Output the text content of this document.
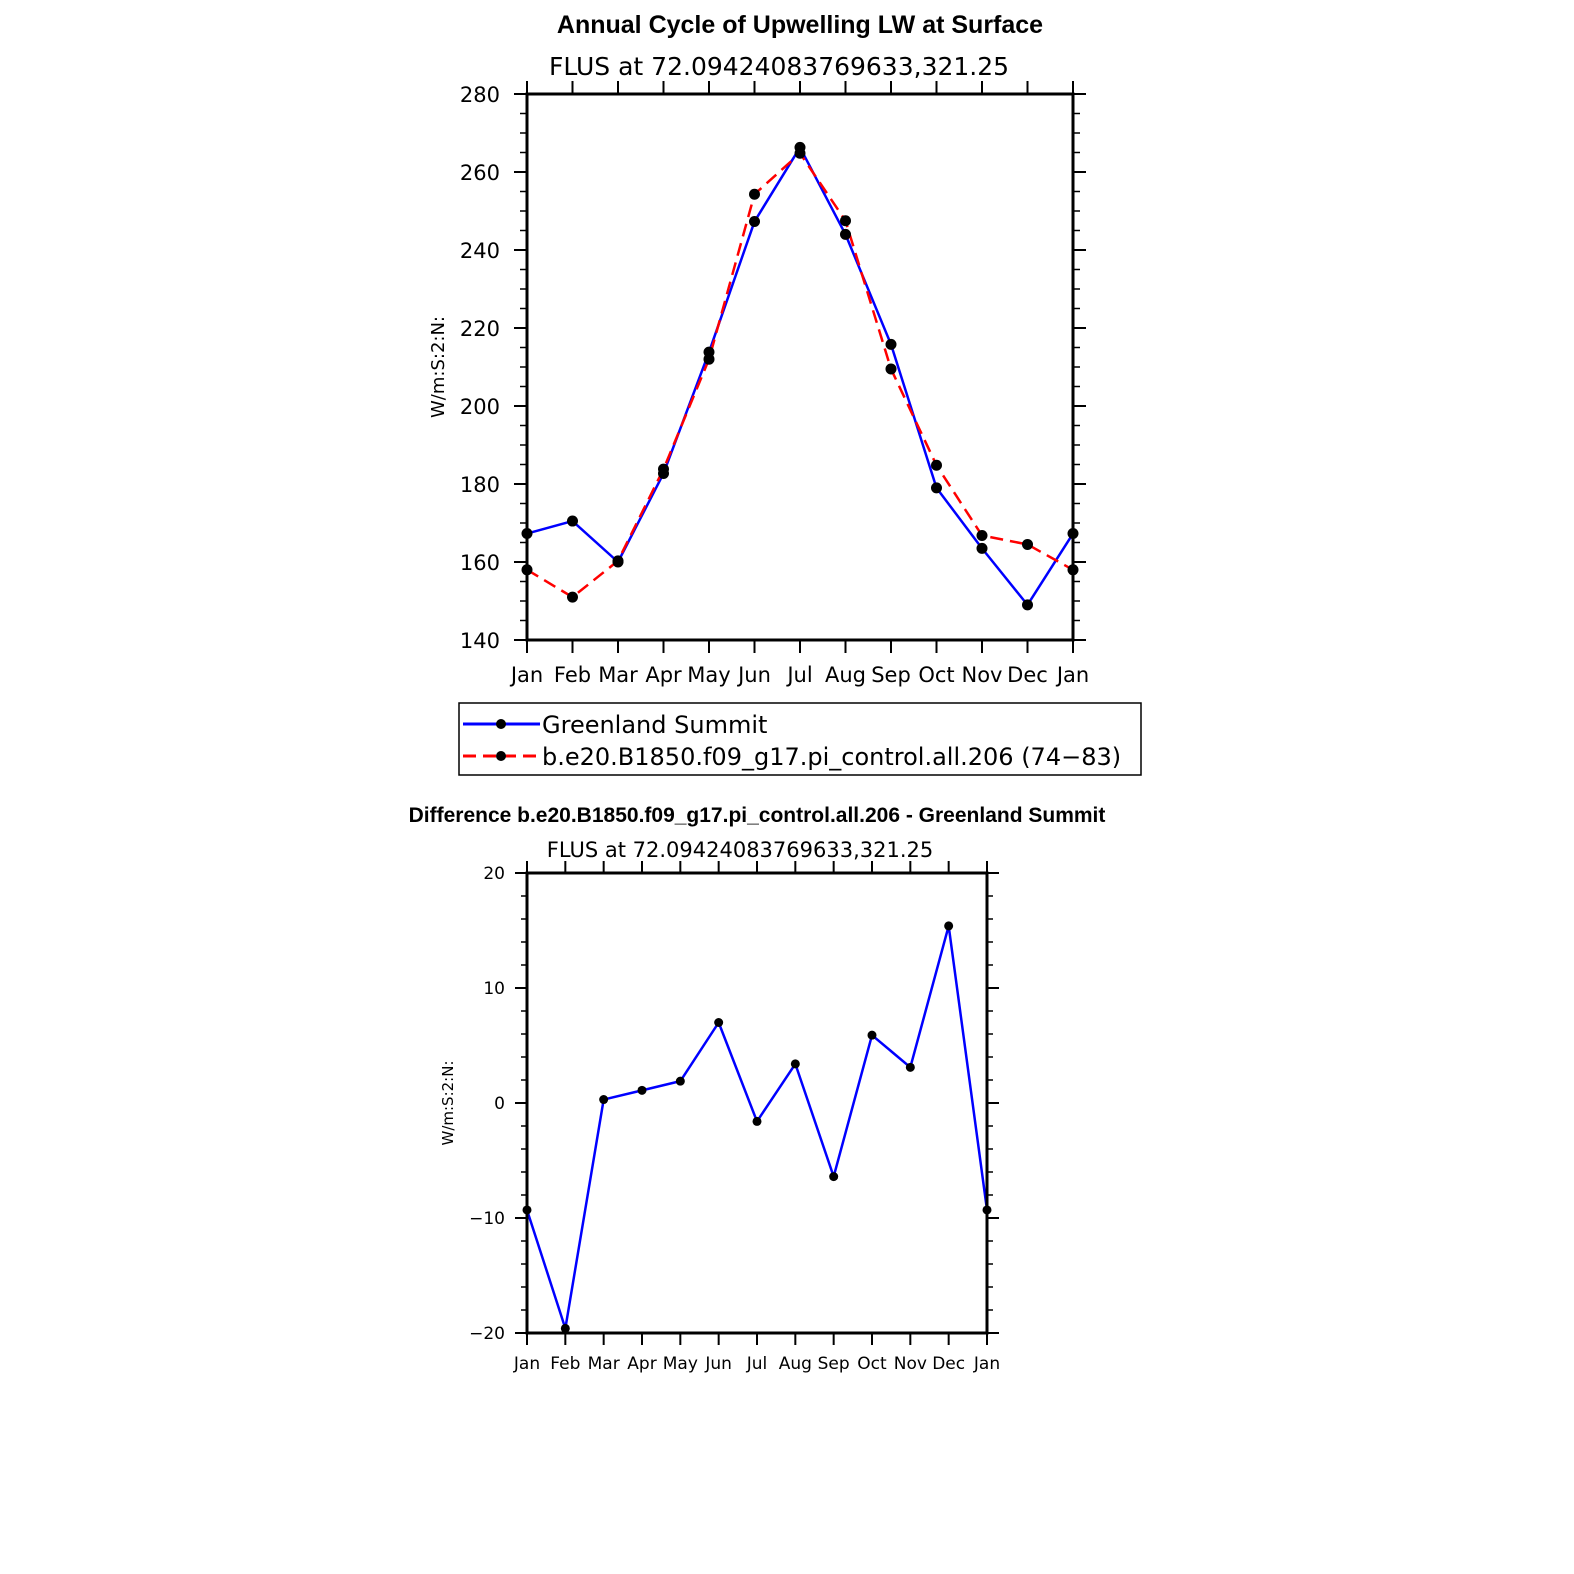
Annual Cycle of Upwelling LW at Surface
FLUS at 72.09424083769633,321.25
W/m:S:2:N:
140
160
180
200
220
240
260
280
Jan Feb Mar Apr May Jun Jul Aug Sep Oct Nov Dec Jan
Greenland Summit
b.e20.B1850.f09_g17.pi_control.all.206 (74−83)
Difference b.e20.B1850.f09_g17.pi_control.all.206 - Greenland Summit
FLUS at 72.09424083769633,321.25
W/m:S:2:N:
−20
−10
0
10
20
Jan Feb Mar Apr May Jun Jul Aug Sep Oct Nov Dec Jan
